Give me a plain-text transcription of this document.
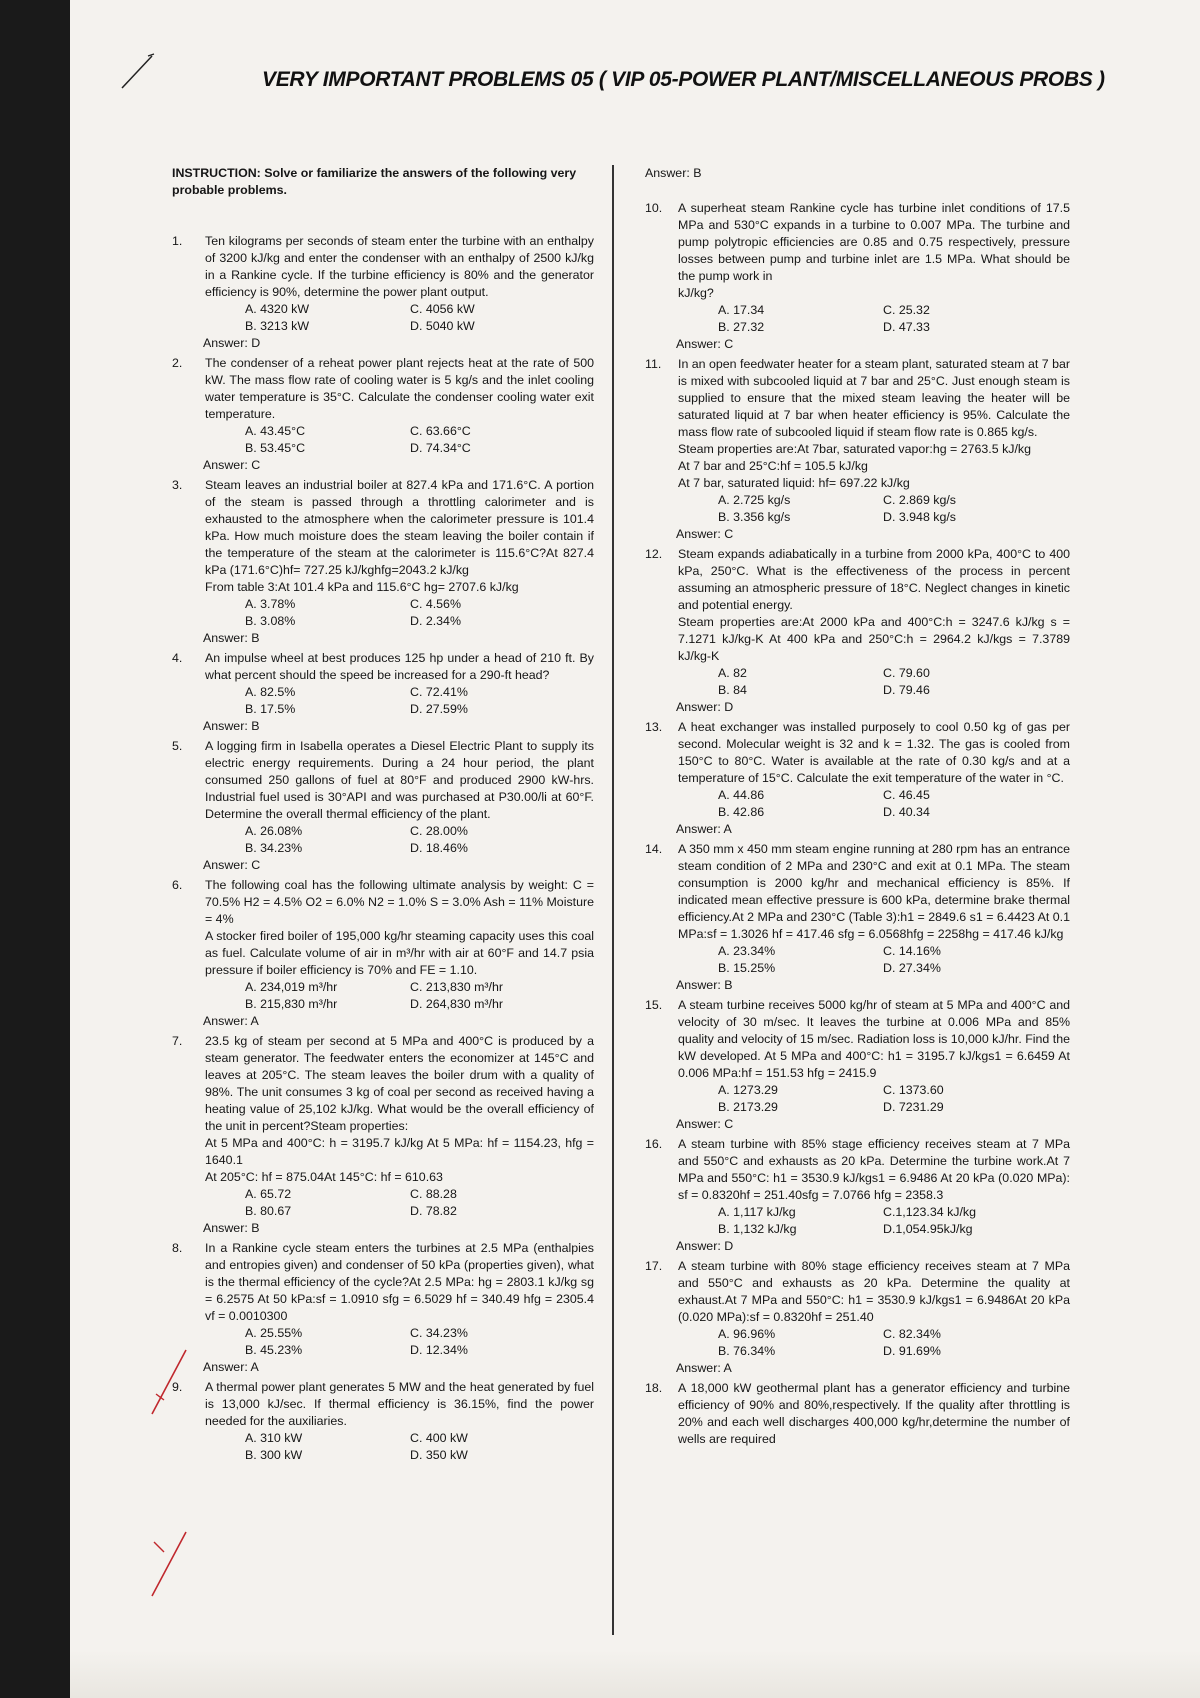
VERY IMPORTANT PROBLEMS 05 ( VIP 05-POWER PLANT/MISCELLANEOUS PROBS )
INSTRUCTION: Solve or familiarize the answers of the following very probable problems.
1. Ten kilograms per seconds of steam enter the turbine with an enthalpy of 3200 kJ/kg and enter the condenser with an enthalpy of 2500 kJ/kg in a Rankine cycle. If the turbine efficiency is 80% and the generator efficiency is 90%, determine the power plant output.
A. 4320 kW	C. 4056 kW
B. 3213 kW	D. 5040 kW
Answer: D
2. The condenser of a reheat power plant rejects heat at the rate of 500 kW. The mass flow rate of cooling water is 5 kg/s and the inlet cooling water temperature is 35°C. Calculate the condenser cooling water exit temperature.
A. 43.45°C	C. 63.66°C
B. 53.45°C	D. 74.34°C
Answer: C
3. Steam leaves an industrial boiler at 827.4 kPa and 171.6°C. A portion of the steam is passed through a throttling calorimeter and is exhausted to the atmosphere when the calorimeter pressure is 101.4 kPa. How much moisture does the steam leaving the boiler contain if the temperature of the steam at the calorimeter is 115.6°C?At 827.4 kPa (171.6°C)hf= 727.25 kJ/kghfg=2043.2 kJ/kg
From table 3:At 101.4 kPa and 115.6°C hg= 2707.6 kJ/kg
A. 3.78%	C. 4.56%
B. 3.08%	D. 2.34%
Answer: B
4. An impulse wheel at best produces 125 hp under a head of 210 ft. By what percent should the speed be increased for a 290-ft head?
A. 82.5%	C. 72.41%
B. 17.5%	D. 27.59%
Answer: B
5. A logging firm in Isabella operates a Diesel Electric Plant to supply its electric energy requirements. During a 24 hour period, the plant consumed 250 gallons of fuel at 80°F and produced 2900 kW-hrs. Industrial fuel used is 30°API and was purchased at P30.00/li at 60°F. Determine the overall thermal efficiency of the plant.
A. 26.08%	C. 28.00%
B. 34.23%	D. 18.46%
Answer: C
6. The following coal has the following ultimate analysis by weight: C = 70.5% H2 = 4.5% O2 = 6.0% N2 = 1.0% S = 3.0% Ash = 11% Moisture = 4%
A stocker fired boiler of 195,000 kg/hr steaming capacity uses this coal as fuel. Calculate volume of air in m³/hr with air at 60°F and 14.7 psia pressure if boiler efficiency is 70% and FE = 1.10.
A. 234,019 m³/hr	C. 213,830 m³/hr
B. 215,830 m³/hr	D. 264,830 m³/hr
Answer: A
7. 23.5 kg of steam per second at 5 MPa and 400°C is produced by a steam generator. The feedwater enters the economizer at 145°C and leaves at 205°C. The steam leaves the boiler drum with a quality of 98%. The unit consumes 3 kg of coal per second as received having a heating value of 25,102 kJ/kg. What would be the overall efficiency of the unit in percent?Steam properties:
At 5 MPa and 400°C: h = 3195.7 kJ/kg At 5 MPa: hf = 1154.23, hfg = 1640.1
At 205°C: hf = 875.04At 145°C: hf = 610.63
A. 65.72	C. 88.28
B. 80.67	D. 78.82
Answer: B
8. In a Rankine cycle steam enters the turbines at 2.5 MPa (enthalpies and entropies given) and condenser of 50 kPa (properties given), what is the thermal efficiency of the cycle?At 2.5 MPa: hg = 2803.1 kJ/kg sg = 6.2575 At 50 kPa:sf = 1.0910 sfg = 6.5029 hf = 340.49 hfg = 2305.4 vf = 0.0010300
A. 25.55%	C. 34.23%
B. 45.23%	D. 12.34%
Answer: A
9. A thermal power plant generates 5 MW and the heat generated by fuel is 13,000 kJ/sec. If thermal efficiency is 36.15%, find the power needed for the auxiliaries.
A. 310 kW	C. 400 kW
B. 300 kW	D. 350 kW
Answer: B
10. A superheat steam Rankine cycle has turbine inlet conditions of 17.5 MPa and 530°C expands in a turbine to 0.007 MPa. The turbine and pump polytropic efficiencies are 0.85 and 0.75 respectively, pressure losses between pump and turbine inlet are 1.5 MPa. What should be the pump work in
kJ/kg?
A. 17.34	C. 25.32
B. 27.32	D. 47.33
Answer: C
11. In an open feedwater heater for a steam plant, saturated steam at 7 bar is mixed with subcooled liquid at 7 bar and 25°C. Just enough steam is supplied to ensure that the mixed steam leaving the heater will be saturated liquid at 7 bar when heater efficiency is 95%. Calculate the mass flow rate of subcooled liquid if steam flow rate is 0.865 kg/s.
Steam properties are:At 7bar, saturated vapor:hg = 2763.5 kJ/kg
At 7 bar and 25°C:hf = 105.5 kJ/kg
At 7 bar, saturated liquid: hf= 697.22 kJ/kg
A. 2.725 kg/s	C. 2.869 kg/s
B. 3.356 kg/s	D. 3.948 kg/s
Answer: C
12. Steam expands adiabatically in a turbine from 2000 kPa, 400°C to 400 kPa, 250°C. What is the effectiveness of the process in percent assuming an atmospheric pressure of 18°C. Neglect changes in kinetic and potential energy.
Steam properties are:At 2000 kPa and 400°C:h = 3247.6 kJ/kg s = 7.1271 kJ/kg-K At 400 kPa and 250°C:h = 2964.2 kJ/kgs = 7.3789 kJ/kg-K
A. 82	C. 79.60
B. 84	D. 79.46
Answer: D
13. A heat exchanger was installed purposely to cool 0.50 kg of gas per second. Molecular weight is 32 and k = 1.32. The gas is cooled from 150°C to 80°C. Water is available at the rate of 0.30 kg/s and at a temperature of 15°C. Calculate the exit temperature of the water in °C.
A. 44.86	C. 46.45
B. 42.86	D. 40.34
Answer: A
14. A 350 mm x 450 mm steam engine running at 280 rpm has an entrance steam condition of 2 MPa and 230°C and exit at 0.1 MPa. The steam consumption is 2000 kg/hr and mechanical efficiency is 85%. If indicated mean effective pressure is 600 kPa, determine brake thermal efficiency.At 2 MPa and 230°C (Table 3):h1 = 2849.6 s1 = 6.4423 At 0.1 MPa:sf = 1.3026 hf = 417.46 sfg = 6.0568hfg = 2258hg = 417.46 kJ/kg
A. 23.34%	C. 14.16%
B. 15.25%	D. 27.34%
Answer: B
15. A steam turbine receives 5000 kg/hr of steam at 5 MPa and 400°C and velocity of 30 m/sec. It leaves the turbine at 0.006 MPa and 85% quality and velocity of 15 m/sec. Radiation loss is 10,000 kJ/hr. Find the kW developed. At 5 MPa and 400°C: h1 = 3195.7 kJ/kgs1 = 6.6459 At 0.006 MPa:hf = 151.53 hfg = 2415.9
A. 1273.29	C. 1373.60
B. 2173.29	D. 7231.29
Answer: C
16. A steam turbine with 85% stage efficiency receives steam at 7 MPa and 550°C and exhausts as 20 kPa. Determine the turbine work.At 7 MPa and 550°C: h1 = 3530.9 kJ/kgs1 = 6.9486 At 20 kPa (0.020 MPa): sf = 0.8320hf = 251.40sfg = 7.0766 hfg = 2358.3
A. 1,117 kJ/kg	C.1,123.34 kJ/kg
B. 1,132 kJ/kg	D.1,054.95kJ/kg
Answer: D
17. A steam turbine with 80% stage efficiency receives steam at 7 MPa and 550°C and exhausts as 20 kPa. Determine the quality at exhaust.At 7 MPa and 550°C: h1 = 3530.9 kJ/kgs1 = 6.9486At 20 kPa (0.020 MPa):sf = 0.8320hf = 251.40
A. 96.96%	C. 82.34%
B. 76.34%	D. 91.69%
Answer: A
18. A 18,000 kW geothermal plant has a generator efficiency and turbine efficiency of 90% and 80%,respectively. If the quality after throttling is 20% and each well discharges 400,000 kg/hr,determine the number of wells are required
